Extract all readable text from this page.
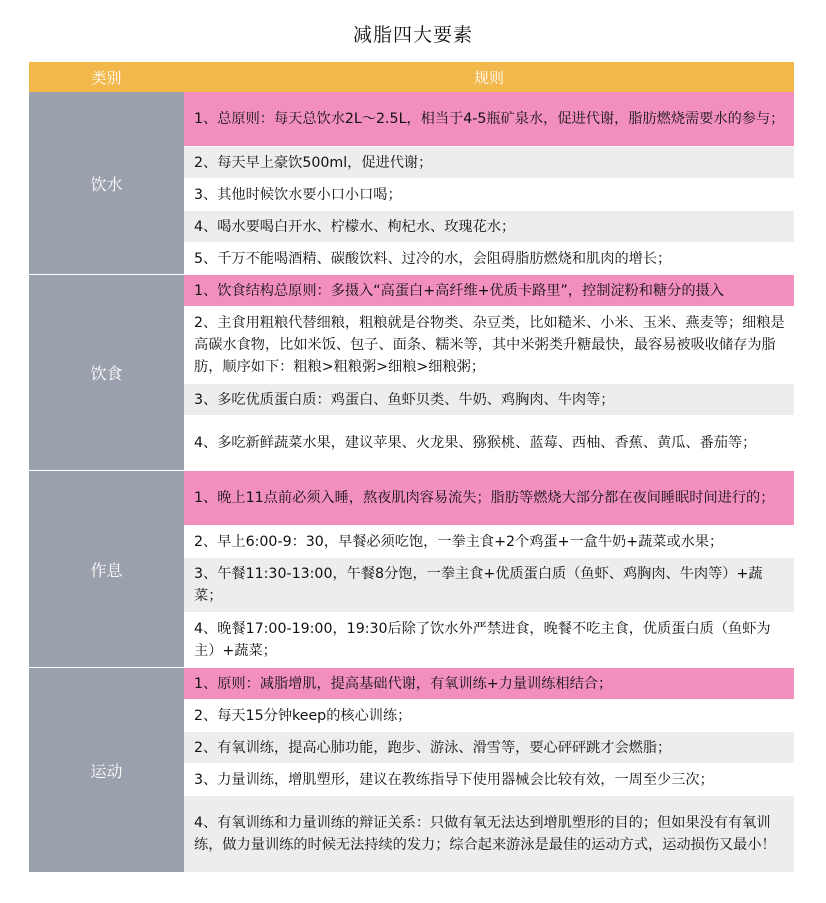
减脂四大要素
类别	规则
饮水	1、总原则：每天总饮水2L～2.5L，相当于4-5瓶矿泉水，促进代谢，脂肪燃烧需要水的参与；
	2、每天早上豪饮500ml，促进代谢；
	3、其他时候饮水要小口小口喝；
	4、喝水要喝白开水、柠檬水、枸杞水、玫瑰花水；
	5、千万不能喝酒精、碳酸饮料、过冷的水，会阻碍脂肪燃烧和肌肉的增长；
饮食	1、饮食结构总原则：多摄入“高蛋白+高纤维+优质卡路里”，控制淀粉和糖分的摄入
	2、主食用粗粮代替细粮，粗粮就是谷物类、杂豆类，比如糙米、小米、玉米、燕麦等；细粮是高碳水食物，比如米饭、包子、面条、糯米等，其中米粥类升糖最快，最容易被吸收储存为脂肪，顺序如下：粗粮>粗粮粥>细粮>细粮粥；
	3、多吃优质蛋白质：鸡蛋白、鱼虾贝类、牛奶、鸡胸肉、牛肉等；
	4、多吃新鲜蔬菜水果，建议苹果、火龙果、猕猴桃、蓝莓、西柚、香蕉、黄瓜、番茄等；
作息	1、晚上11点前必须入睡，熬夜肌肉容易流失；脂肪等燃烧大部分都在夜间睡眠时间进行的；
	2、早上6:00-9：30，早餐必须吃饱，一拳主食+2个鸡蛋+一盒牛奶+蔬菜或水果；
	3、午餐11:30-13:00，午餐8分饱，一拳主食+优质蛋白质（鱼虾、鸡胸肉、牛肉等）+蔬菜；
	4、晚餐17:00-19:00，19:30后除了饮水外严禁进食，晚餐不吃主食，优质蛋白质（鱼虾为主）+蔬菜；
运动	1、原则：减脂增肌，提高基础代谢，有氧训练+力量训练相结合；
	2、每天15分钟keep的核心训练；
	2、有氧训练，提高心肺功能，跑步、游泳、滑雪等，要心砰砰跳才会燃脂；
	3、力量训练，增肌塑形，建议在教练指导下使用器械会比较有效，一周至少三次；
	4、有氧训练和力量训练的辩证关系：只做有氧无法达到增肌塑形的目的；但如果没有有氧训练，做力量训练的时候无法持续的发力；综合起来游泳是最佳的运动方式，运动损伤又最小！
